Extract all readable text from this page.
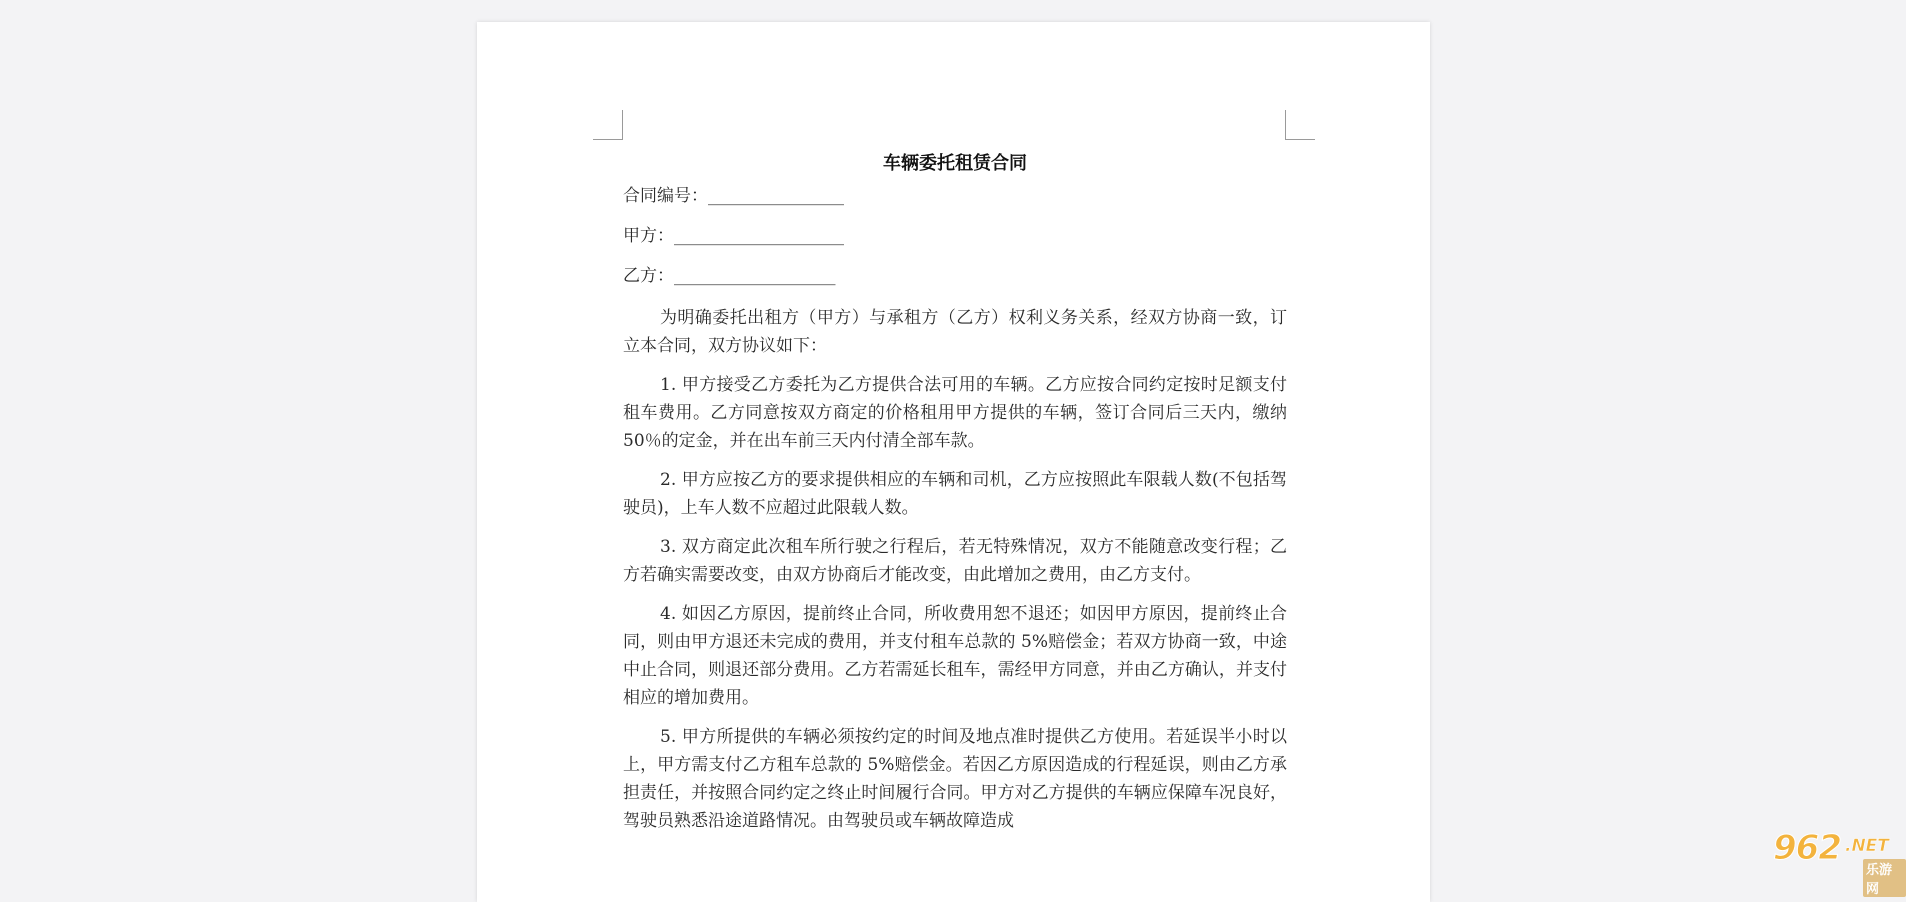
车辆委托租赁合同
合同编号：________________
甲方：____________________
乙方：___________________

为明确委托出租方（甲方）与承租方（乙方）权利义务关系，经双方协商一致，订立本合同，双方协议如下：

1. 甲方接受乙方委托为乙方提供合法可用的车辆。乙方应按合同约定按时足额支付租车费用。乙方同意按双方商定的价格租用甲方提供的车辆，签订合同后三天内，缴纳 50％的定金，并在出车前三天内付清全部车款。

2. 甲方应按乙方的要求提供相应的车辆和司机，乙方应按照此车限载人数(不包括驾驶员)，上车人数不应超过此限载人数。

3. 双方商定此次租车所行驶之行程后，若无特殊情况，双方不能随意改变行程；乙方若确实需要改变，由双方协商后才能改变，由此增加之费用，由乙方支付。

4. 如因乙方原因，提前终止合同，所收费用恕不退还；如因甲方原因，提前终止合同，则由甲方退还未完成的费用，并支付租车总款的 5%赔偿金；若双方协商一致，中途中止合同，则退还部分费用。乙方若需延长租车，需经甲方同意，并由乙方确认，并支付相应的增加费用。

5. 甲方所提供的车辆必须按约定的时间及地点准时提供乙方使用。若延误半小时以上，甲方需支付乙方租车总款的 5%赔偿金。若因乙方原因造成的行程延误，则由乙方承担责任，并按照合同约定之终止时间履行合同。甲方对乙方提供的车辆应保障车况良好，驾驶员熟悉沿途道路情况。由驾驶员或车辆故障造成

962 .NET
乐游网
